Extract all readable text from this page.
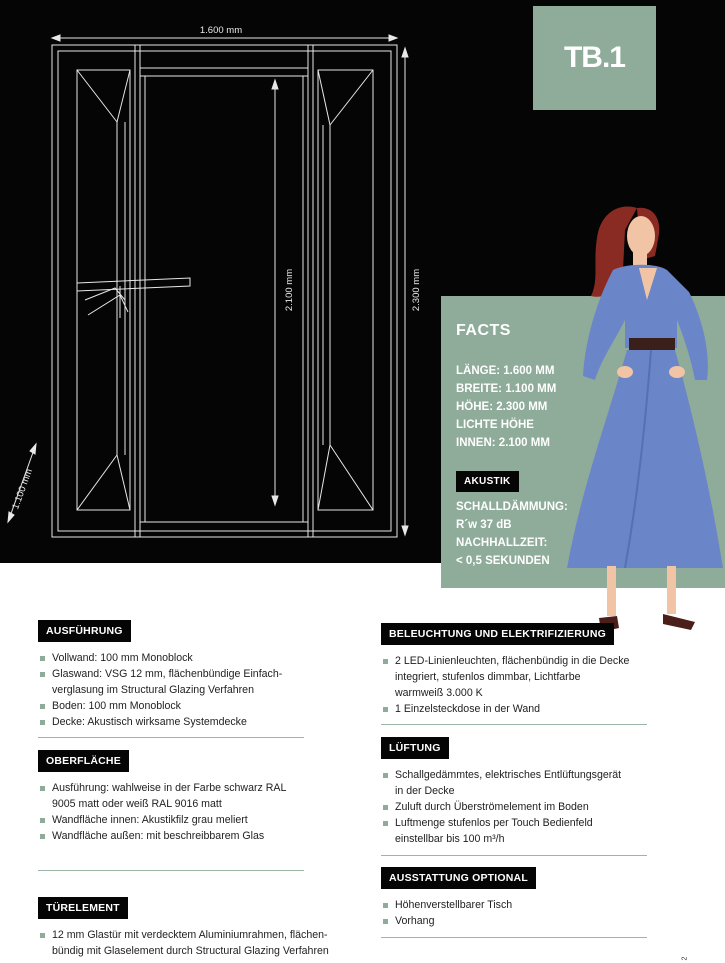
1.600 mm
2.100 mm	2.300 mm
1.100 mm
TB.1
FACTS
LÄNGE: 1.600 MM
BREITE: 1.100 MM
HÖHE: 2.300 MM
LICHTE HÖHE
INNEN: 2.100 MM
AKUSTIK
SCHALLDÄMMUNG:
R´w 37 dB
NACHHALLZEIT:
< 0,5 SEKUNDEN
AUSFÜHRUNG
Vollwand: 100 mm Monoblock
Glaswand: VSG 12 mm, flächenbündige Einfach-verglasung im Structural Glazing Verfahren
Boden: 100 mm Monoblock
Decke: Akustisch wirksame Systemdecke
OBERFLÄCHE
Ausführung: wahlweise in der Farbe schwarz RAL 9005 matt oder weiß RAL 9016 matt
Wandfläche innen: Akustikfilz grau meliert
Wandfläche außen: mit beschreibbarem Glas
TÜRELEMENT
12 mm Glastür mit verdecktem Aluminiumrahmen, flächen-bündig mit Glaselement durch Structural Glazing Verfahren
BELEUCHTUNG UND ELEKTRIFIZIERUNG
2 LED-Linienleuchten, flächenbündig in die Decke integriert, stufenlos dimmbar, Lichtfarbe warmweiß 3.000 K
1 Einzelsteckdose in der Wand
LÜFTUNG
Schallgedämmtes, elektrisches Entlüftungsgerät in der Decke
Zuluft durch Überströmelement im Boden
Luftmenge stufenlos per Touch Bedienfeld einstellbar bis 100 m³/h
AUSSTATTUNG OPTIONAL
Höhenverstellbarer Tisch
Vorhang
2
